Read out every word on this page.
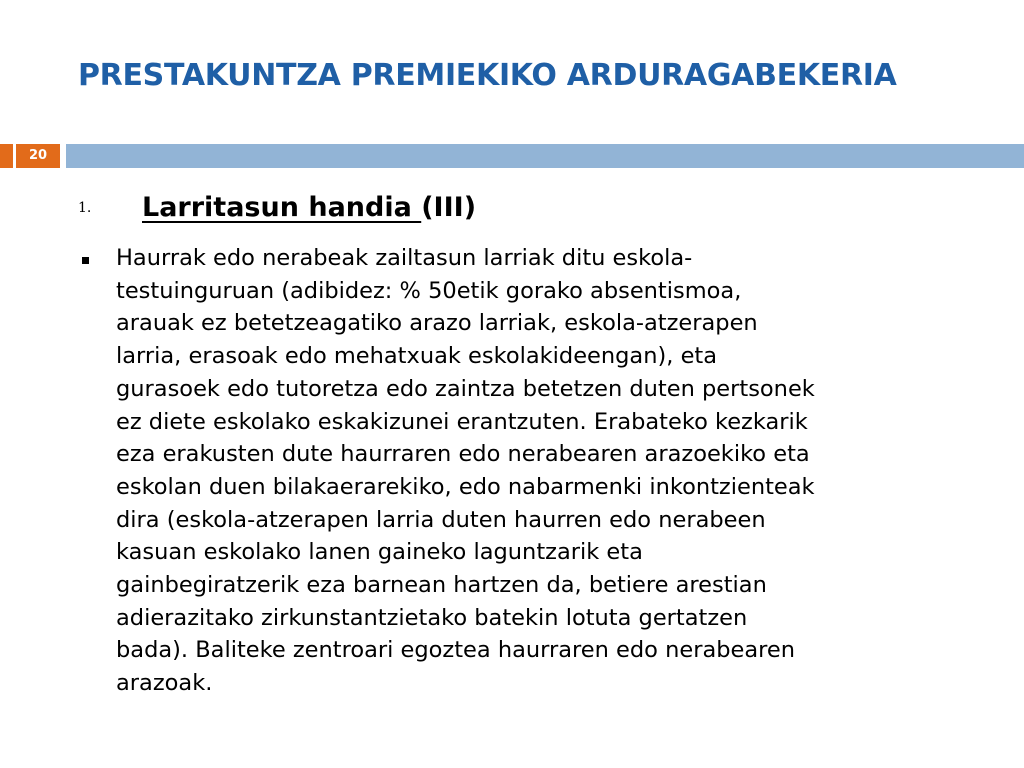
PRESTAKUNTZA PREMIEKIKO ARDURAGABEKERIA
20
1. Larritasun handia (III)

Haurrak edo nerabeak zailtasun larriak ditu eskola-
testuinguruan (adibidez: % 50etik gorako absentismoa,
arauak ez betetzeagatiko arazo larriak, eskola-atzerapen
larria, erasoak edo mehatxuak eskolakideengan), eta
gurasoek edo tutoretza edo zaintza betetzen duten pertsonek
ez diete eskolako eskakizunei erantzuten. Erabateko kezkarik
eza erakusten dute haurraren edo nerabearen arazoekiko eta
eskolan duen bilakaerarekiko, edo nabarmenki inkontzienteak
dira (eskola-atzerapen larria duten haurren edo nerabeen
kasuan eskolako lanen gaineko laguntzarik eta
gainbegiratzerik eza barnean hartzen da, betiere arestian
adierazitako zirkunstantzietako batekin lotuta gertatzen
bada). Baliteke zentroari egoztea haurraren edo nerabearen
arazoak.
